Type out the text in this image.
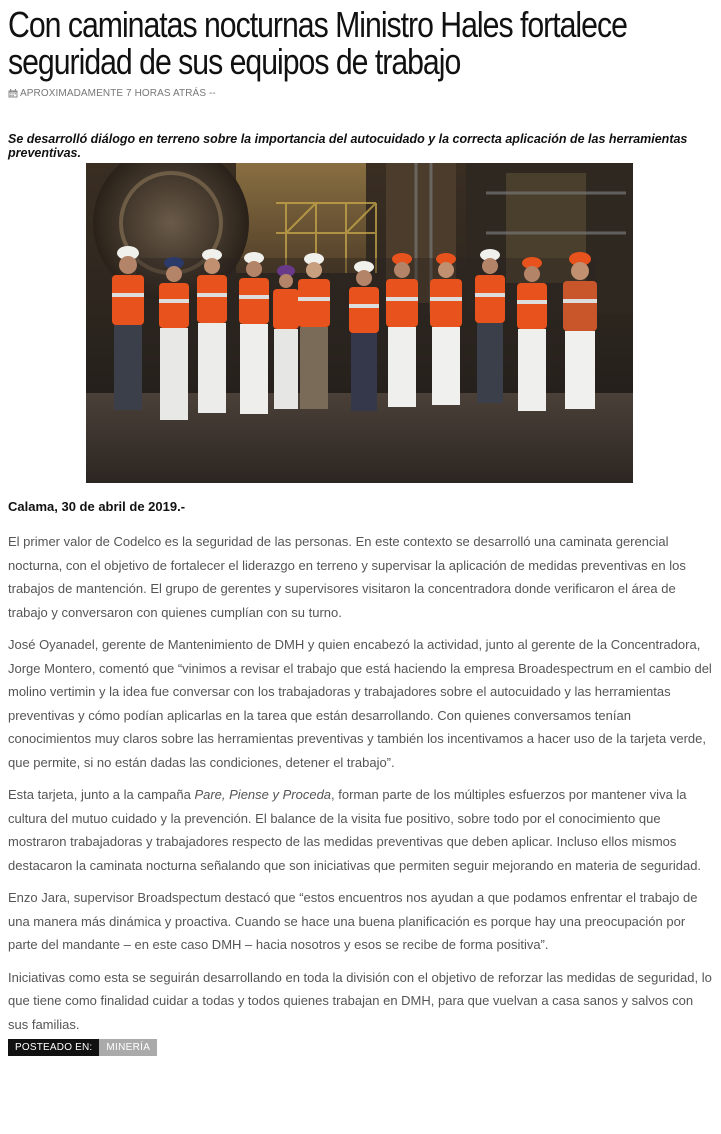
Con caminatas nocturnas Ministro Hales fortalece seguridad de sus equipos de trabajo
APROXIMADAMENTE 7 HORAS ATRÁS --
Se desarrolló diálogo en terreno sobre la importancia del autocuidado y la correcta aplicación de las herramientas preventivas.
Calama, 30 de abril de 2019.-

El primer valor de Codelco es la seguridad de las personas. En este contexto se desarrolló una caminata gerencial nocturna, con el objetivo de fortalecer el liderazgo en terreno y supervisar la aplicación de medidas preventivas en los trabajos de mantención. El grupo de gerentes y supervisores visitaron la concentradora donde verificaron el área de trabajo y conversaron con quienes cumplían con su turno.

José Oyanadel, gerente de Mantenimiento de DMH y quien encabezó la actividad, junto al gerente de la Concentradora, Jorge Montero, comentó que “vinimos a revisar el trabajo que está haciendo la empresa Broadespectrum en el cambio del molino vertimin y la idea fue conversar con los trabajadoras y trabajadores sobre el autocuidado y las herramientas preventivas y cómo podían aplicarlas en la tarea que están desarrollando. Con quienes conversamos tenían conocimientos muy claros sobre las herramientas preventivas y también los incentivamos a hacer uso de la tarjeta verde, que permite, si no están dadas las condiciones, detener el trabajo”.

Esta tarjeta, junto a la campaña Pare, Piense y Proceda, forman parte de los múltiples esfuerzos por mantener viva la cultura del mutuo cuidado y la prevención. El balance de la visita fue positivo, sobre todo por el conocimiento que mostraron trabajadoras y trabajadores respecto de las medidas preventivas que deben aplicar. Incluso ellos mismos destacaron la caminata nocturna señalando que son iniciativas que permiten seguir mejorando en materia de seguridad.

Enzo Jara, supervisor Broadspectum destacó que “estos encuentros nos ayudan a que podamos enfrentar el trabajo de una manera más dinámica y proactiva. Cuando se hace una buena planificación es porque hay una preocupación por parte del mandante – en este caso DMH – hacia nosotros y esos se recibe de forma positiva”.

Iniciativas como esta se seguirán desarrollando en toda la división con el objetivo de reforzar las medidas de seguridad, lo que tiene como finalidad cuidar a todas y todos quienes trabajan en DMH, para que vuelvan a casa sanos y salvos con sus familias.

POSTEADO EN:	MINERÍA
